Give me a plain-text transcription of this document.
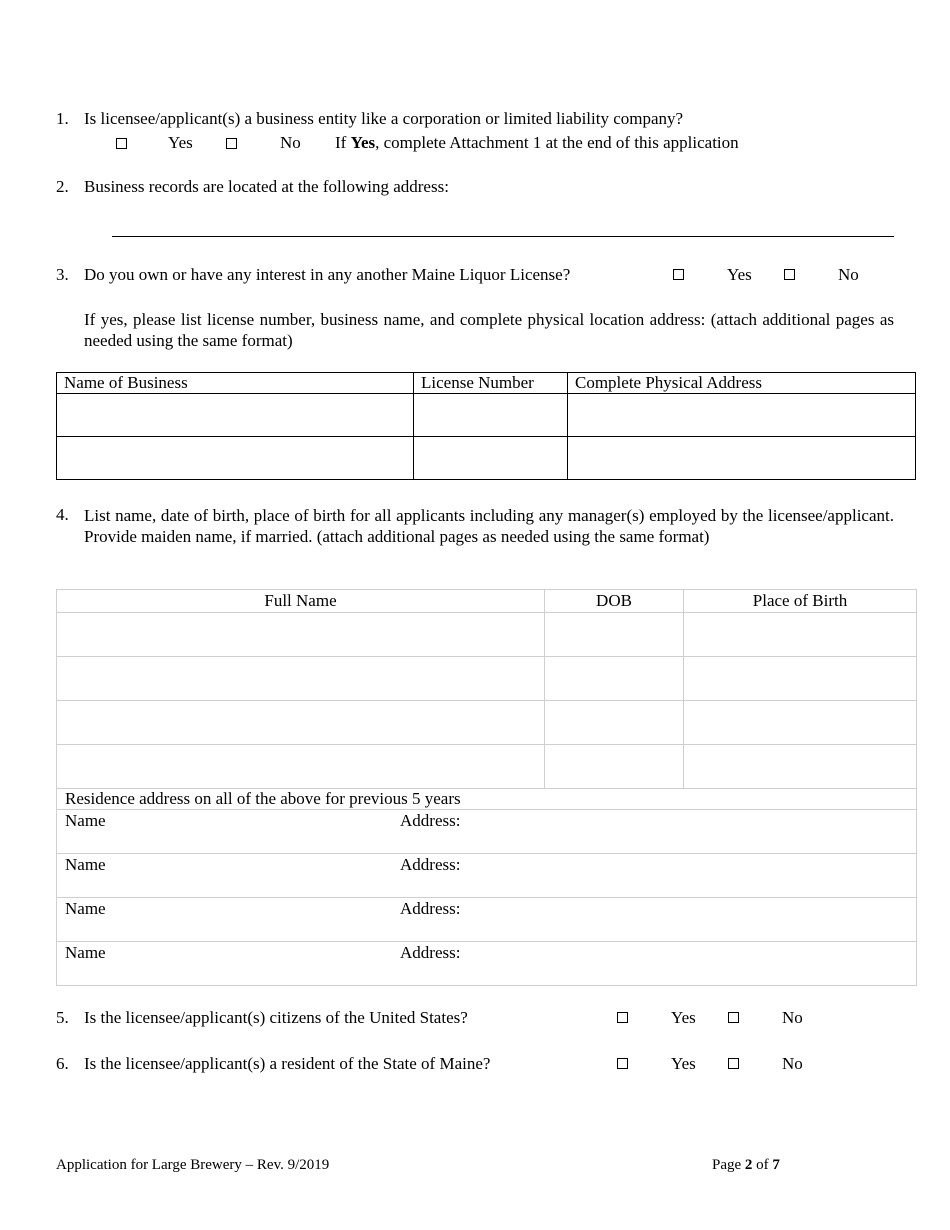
1. Is licensee/applicant(s) a business entity like a corporation or limited liability company?
Yes	No If Yes, complete Attachment 1 at the end of this application
2. Business records are located at the following address:
3. Do you own or have any interest in any another Maine Liquor License?	Yes	No
If yes, please list license number, business name, and complete physical location address: (attach additional pages as needed using the same format)
Name of Business	License Number	Complete Physical Address

4. List name, date of birth, place of birth for all applicants including any manager(s) employed by the licensee/applicant. Provide maiden name, if married. (attach additional pages as needed using the same format)
Full Name	DOB	Place of Birth

Residence address on all of the above for previous 5 years		

Name Address:		

Name Address:		

Name Address:		

Name Address:		
5. Is the licensee/applicant(s) citizens of the United States?	Yes	No
6. Is the licensee/applicant(s) a resident of the State of Maine?	Yes	No
Application for Large Brewery – Rev. 9/2019	Page 2 of 7
